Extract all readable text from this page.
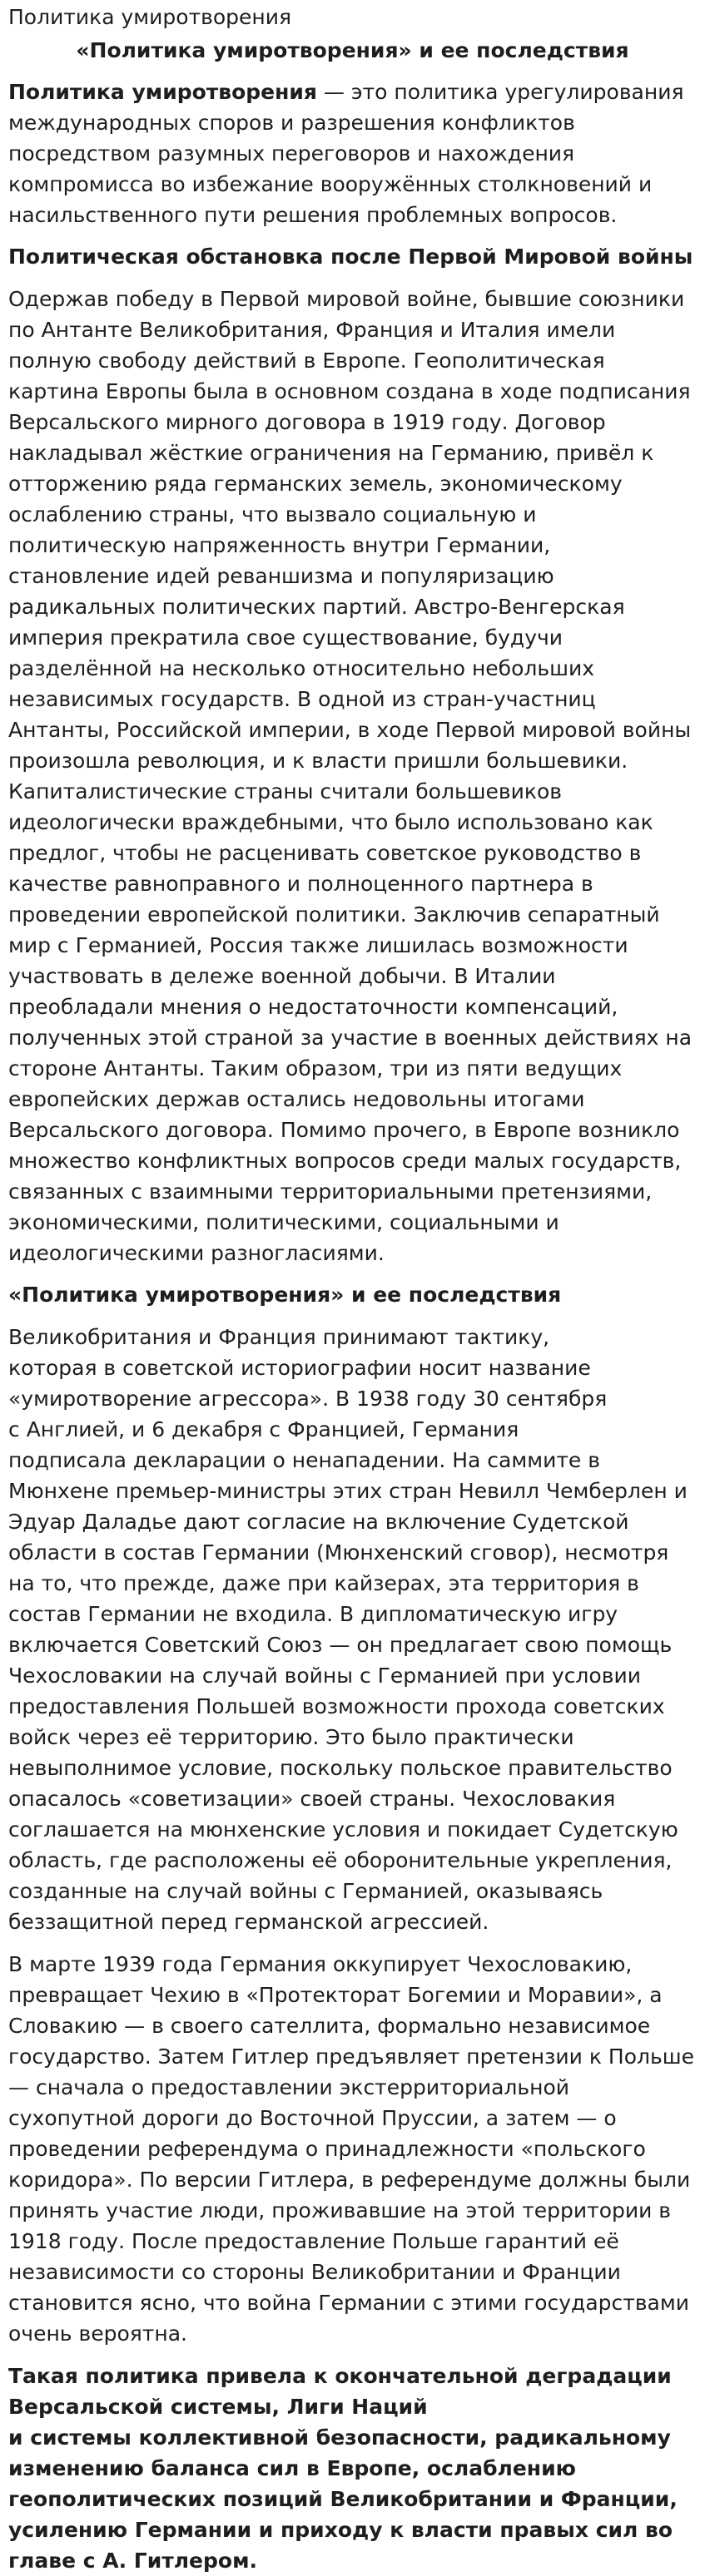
Политика умиротворения
«Политика умиротворения» и ее последствия

Политика умиротворения — это политика урегулирования международных споров и разрешения конфликтов посредством разумных переговоров и нахождения компромисса во избежание вооружённых столкновений и насильственного пути решения проблемных вопросов.

Политическая обстановка после Первой Мировой войны

Одержав победу в Первой мировой войне, бывшие союзники по Антанте Великобритания, Франция и Италия имели полную свободу действий в Европе. Геополитическая картина Европы была в основном создана в ходе подписания Версальского мирного договора в 1919 году. Договор накладывал жёсткие ограничения на Германию, привёл к отторжению ряда германских земель, экономическому ослаблению страны, что вызвало социальную и политическую напряженность внутри Германии, становление идей реваншизма и популяризацию радикальных политических партий. Австро-Венгерская империя прекратила свое существование, будучи разделённой на несколько относительно небольших независимых государств. В одной из стран-участниц Антанты, Российской империи, в ходе Первой мировой войны произошла революция, и к власти пришли большевики. Капиталистические страны считали большевиков идеологически враждебными, что было использовано как предлог, чтобы не расценивать советское руководство в качестве равноправного и полноценного партнера в проведении европейской политики. Заключив сепаратный мир с Германией, Россия также лишилась возможности участвовать в дележе военной добычи. В Италии преобладали мнения о недостаточности компенсаций, полученных этой страной за участие в военных действиях на стороне Антанты. Таким образом, три из пяти ведущих европейских держав остались недовольны итогами Версальского договора. Помимо прочего, в Европе возникло множество конфликтных вопросов среди малых государств, связанных с взаимными территориальными претензиями, экономическими, политическими, социальными и идеологическими разногласиями.

«Политика умиротворения» и ее последствия

Великобритания и Франция принимают тактику,
которая в советской историографии носит название
«умиротворение агрессора». В 1938 году 30 сентября
с Англией, и 6 декабря с Францией, Германия
подписала декларации о ненападении. На саммите в Мюнхене премьер-министры этих стран Невилл Чемберлен и Эдуар Даладье дают согласие на включение Судетской области в состав Германии (Мюнхенский сговор), несмотря на то, что прежде, даже при кайзерах, эта территория в состав Германии не входила. В дипломатическую игру включается Советский Союз — он предлагает свою помощь Чехословакии на случай войны с Германией при условии предоставления Польшей возможности прохода советских войск через её территорию. Это было практически невыполнимое условие, поскольку польское правительство опасалось «советизации» своей страны. Чехословакия соглашается на мюнхенские условия и покидает Судетскую область, где расположены её оборонительные укрепления, созданные на случай войны с Германией, оказываясь беззащитной перед германской агрессией.

В марте 1939 года Германия оккупирует Чехословакию, превращает Чехию в «Протекторат Богемии и Моравии», а Словакию — в своего сателлита, формально независимое государство. Затем Гитлер предъявляет претензии к Польше — сначала о предоставлении экстерриториальной сухопутной дороги до Восточной Пруссии, а затем — о проведении референдума о принадлежности «польского коридора». По версии Гитлера, в референдуме должны были принять участие люди, проживавшие на этой территории в 1918 году. После предоставление Польше гарантий её независимости со стороны Великобритании и Франции становится ясно, что война Германии с этими государствами очень вероятна.

Такая политика привела к окончательной деградации
Версальской системы, Лиги Наций
и системы коллективной безопасности, радикальному изменению баланса сил в Европе, ослаблению геополитических позиций Великобритании и Франции, усилению Германии и приходу к власти правых сил во главе с А. Гитлером.
